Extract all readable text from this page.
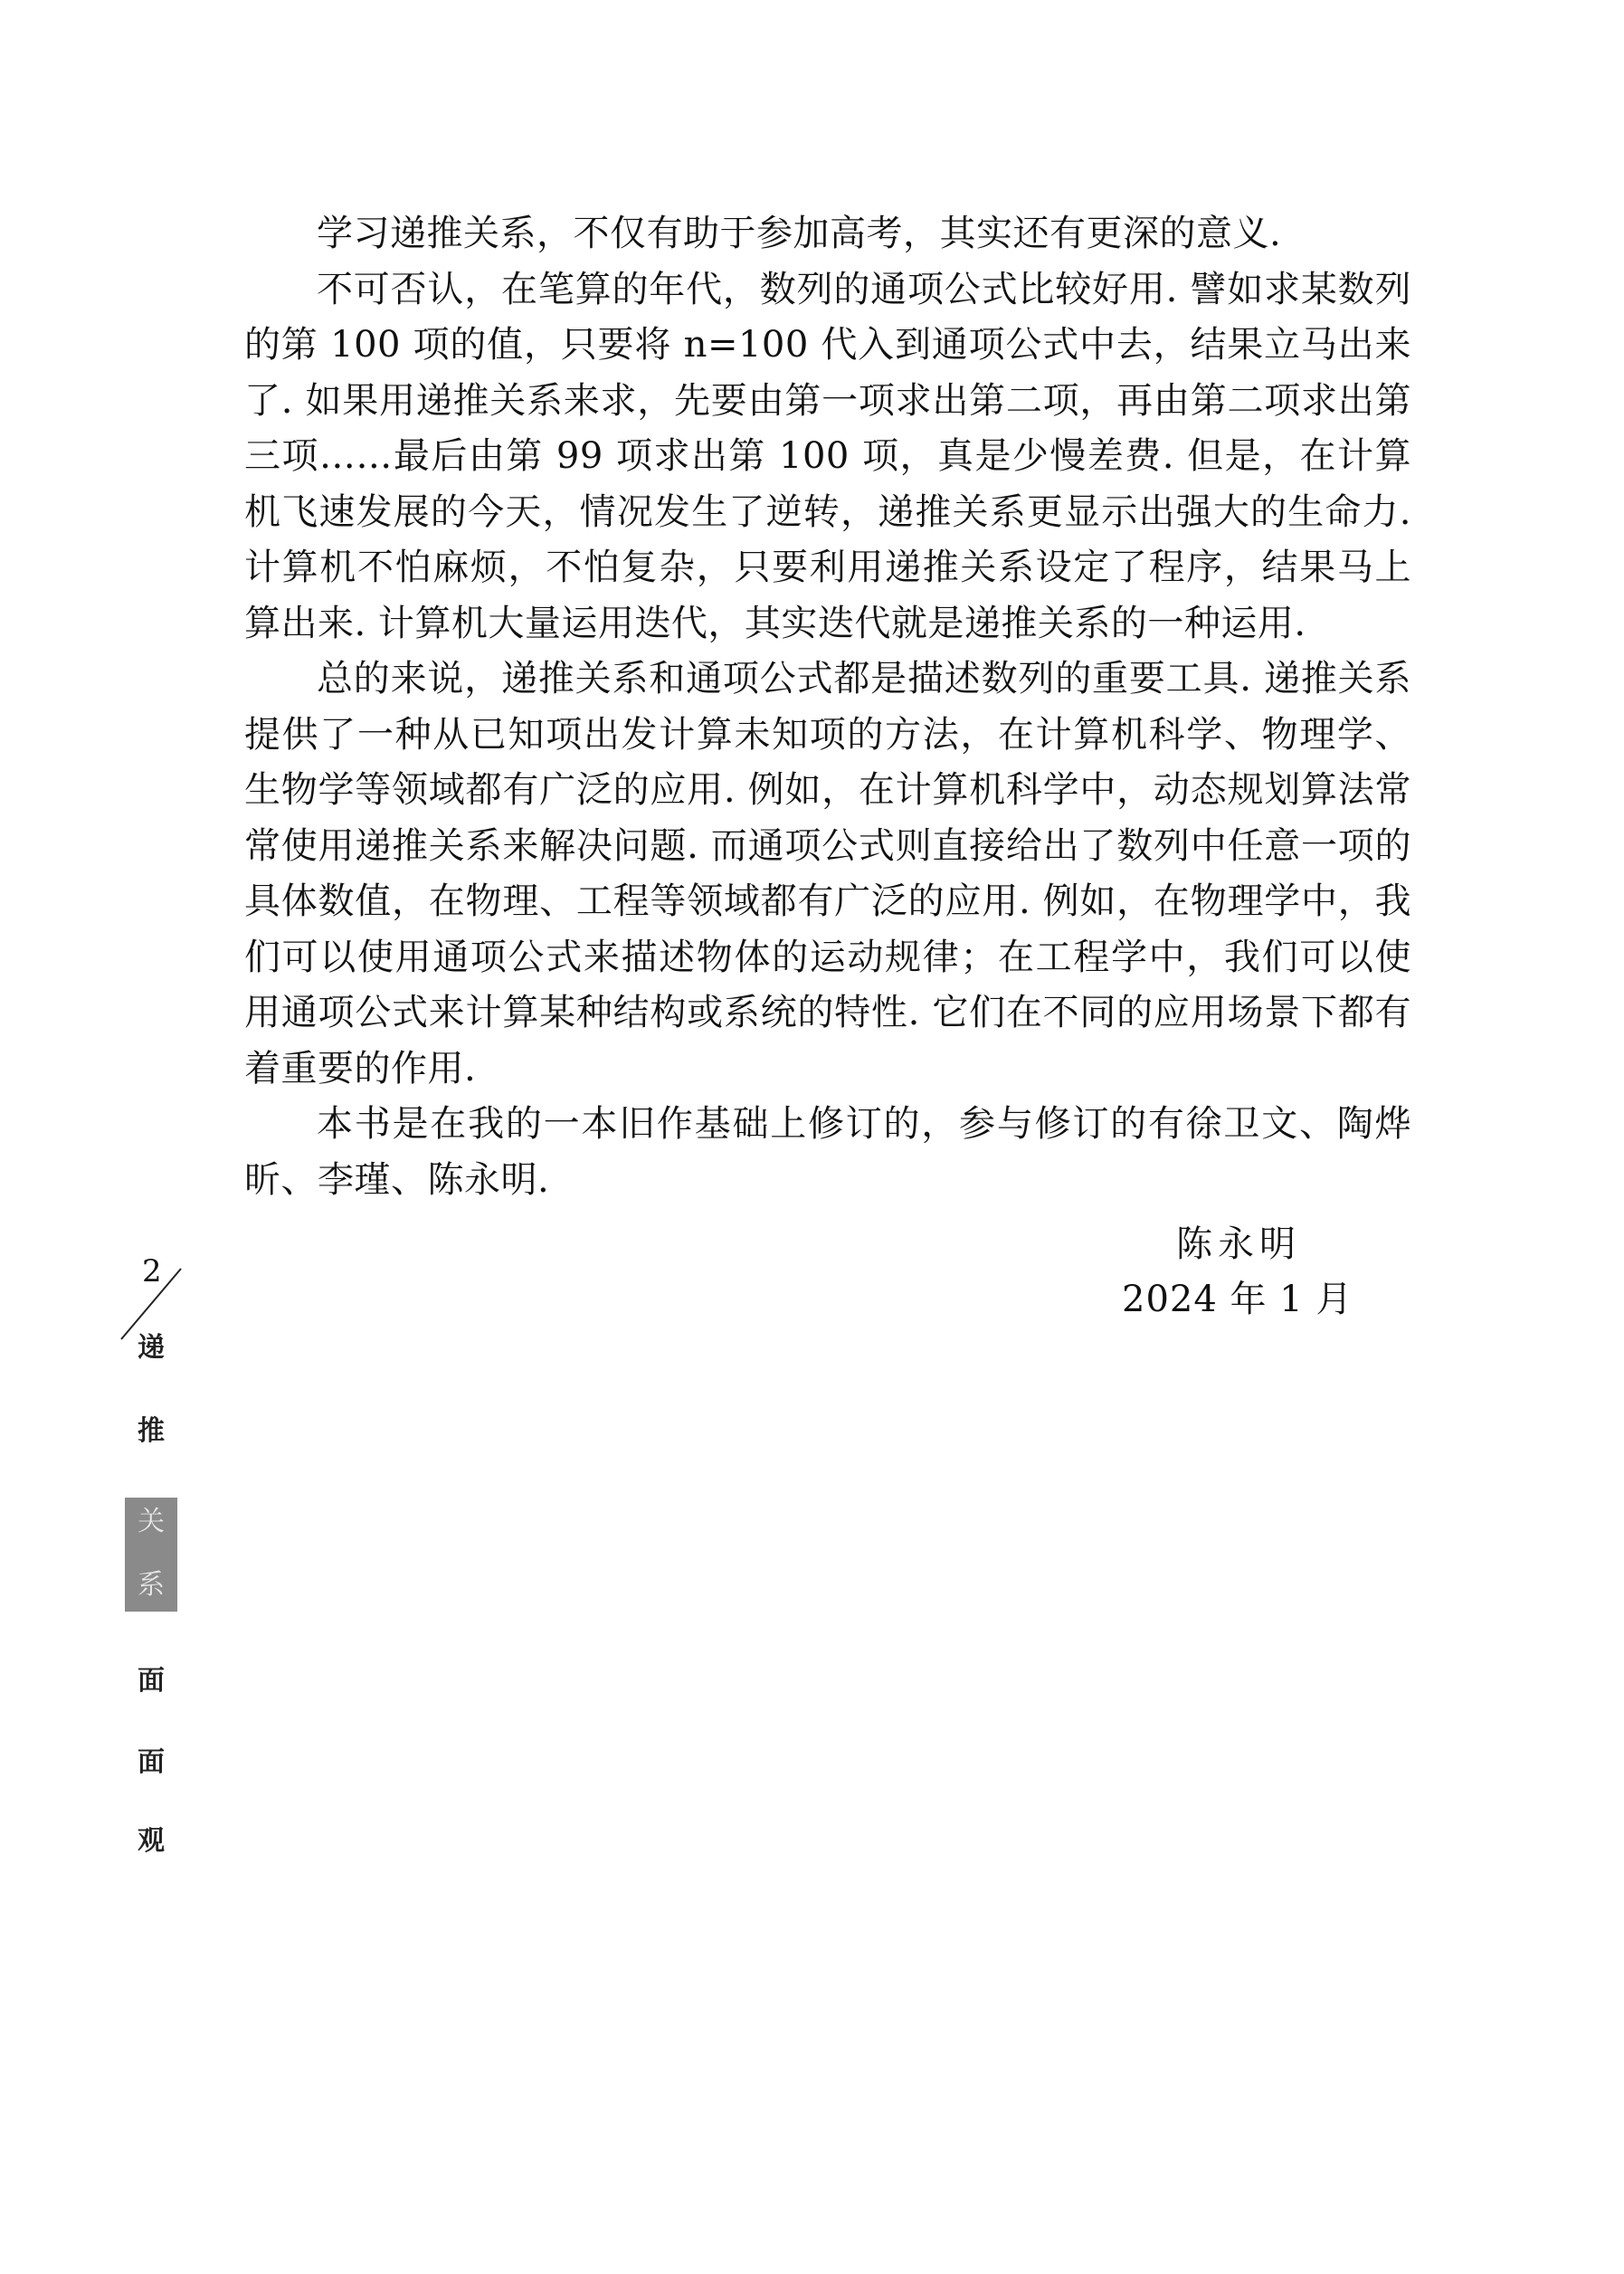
学习递推关系，不仅有助于参加高考，其实还有更深的意义.

不可否认，在笔算的年代，数列的通项公式比较好用. 譬如求某数列的第 100 项的值，只要将 n=100 代入到通项公式中去，结果立马出来了. 如果用递推关系来求，先要由第一项求出第二项，再由第二项求出第三项……最后由第 99 项求出第 100 项，真是少慢差费. 但是，在计算机飞速发展的今天，情况发生了逆转，递推关系更显示出强大的生命力. 计算机不怕麻烦，不怕复杂，只要利用递推关系设定了程序，结果马上算出来. 计算机大量运用迭代，其实迭代就是递推关系的一种运用.

总的来说，递推关系和通项公式都是描述数列的重要工具. 递推关系提供了一种从已知项出发计算未知项的方法，在计算机科学、物理学、生物学等领域都有广泛的应用. 例如，在计算机科学中，动态规划算法常常使用递推关系来解决问题. 而通项公式则直接给出了数列中任意一项的具体数值，在物理、工程等领域都有广泛的应用. 例如，在物理学中，我们可以使用通项公式来描述物体的运动规律；在工程学中，我们可以使用通项公式来计算某种结构或系统的特性. 它们在不同的应用场景下都有着重要的作用.

本书是在我的一本旧作基础上修订的，参与修订的有徐卫文、陶烨昕、李瑾、陈永明.

陈永明
2024 年 1 月
2
递
推
关
系
面
面
观
